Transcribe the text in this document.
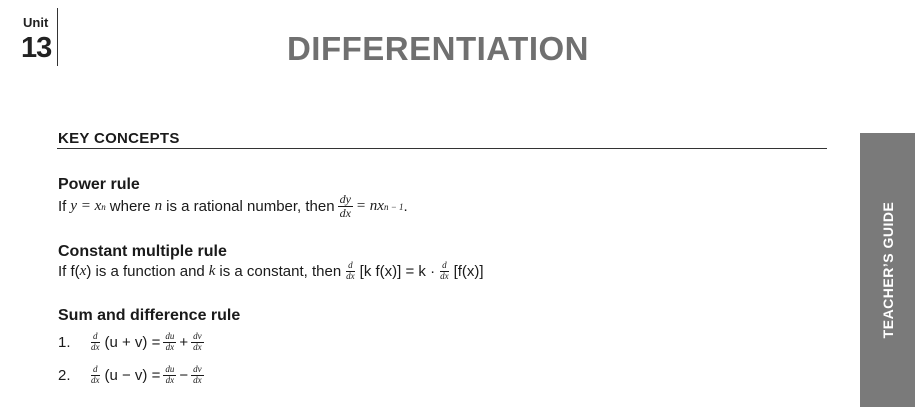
Unit
13	DIFFERENTIATION
KEY CONCEPTS
TEACHER’S GUIDE
Power rule
If y = x n where n is a rational number, then $\frac{dy}{dx}$ = nx n − 1 .
Constant multiple rule
If f( x ) is a function and k is a constant, then $\frac{d}{dx} [k$ $f(x)] = k \cdot \frac{d}{dx} [f(x)]$
Sum and difference rule
1.	$\frac{d}{dx} (u + v) = \frac{du}{dx} + \frac{dv}{dx}$
2.	$\frac{d}{dx} (u - v) = \frac{du}{dx} - \frac{dv}{dx}$
